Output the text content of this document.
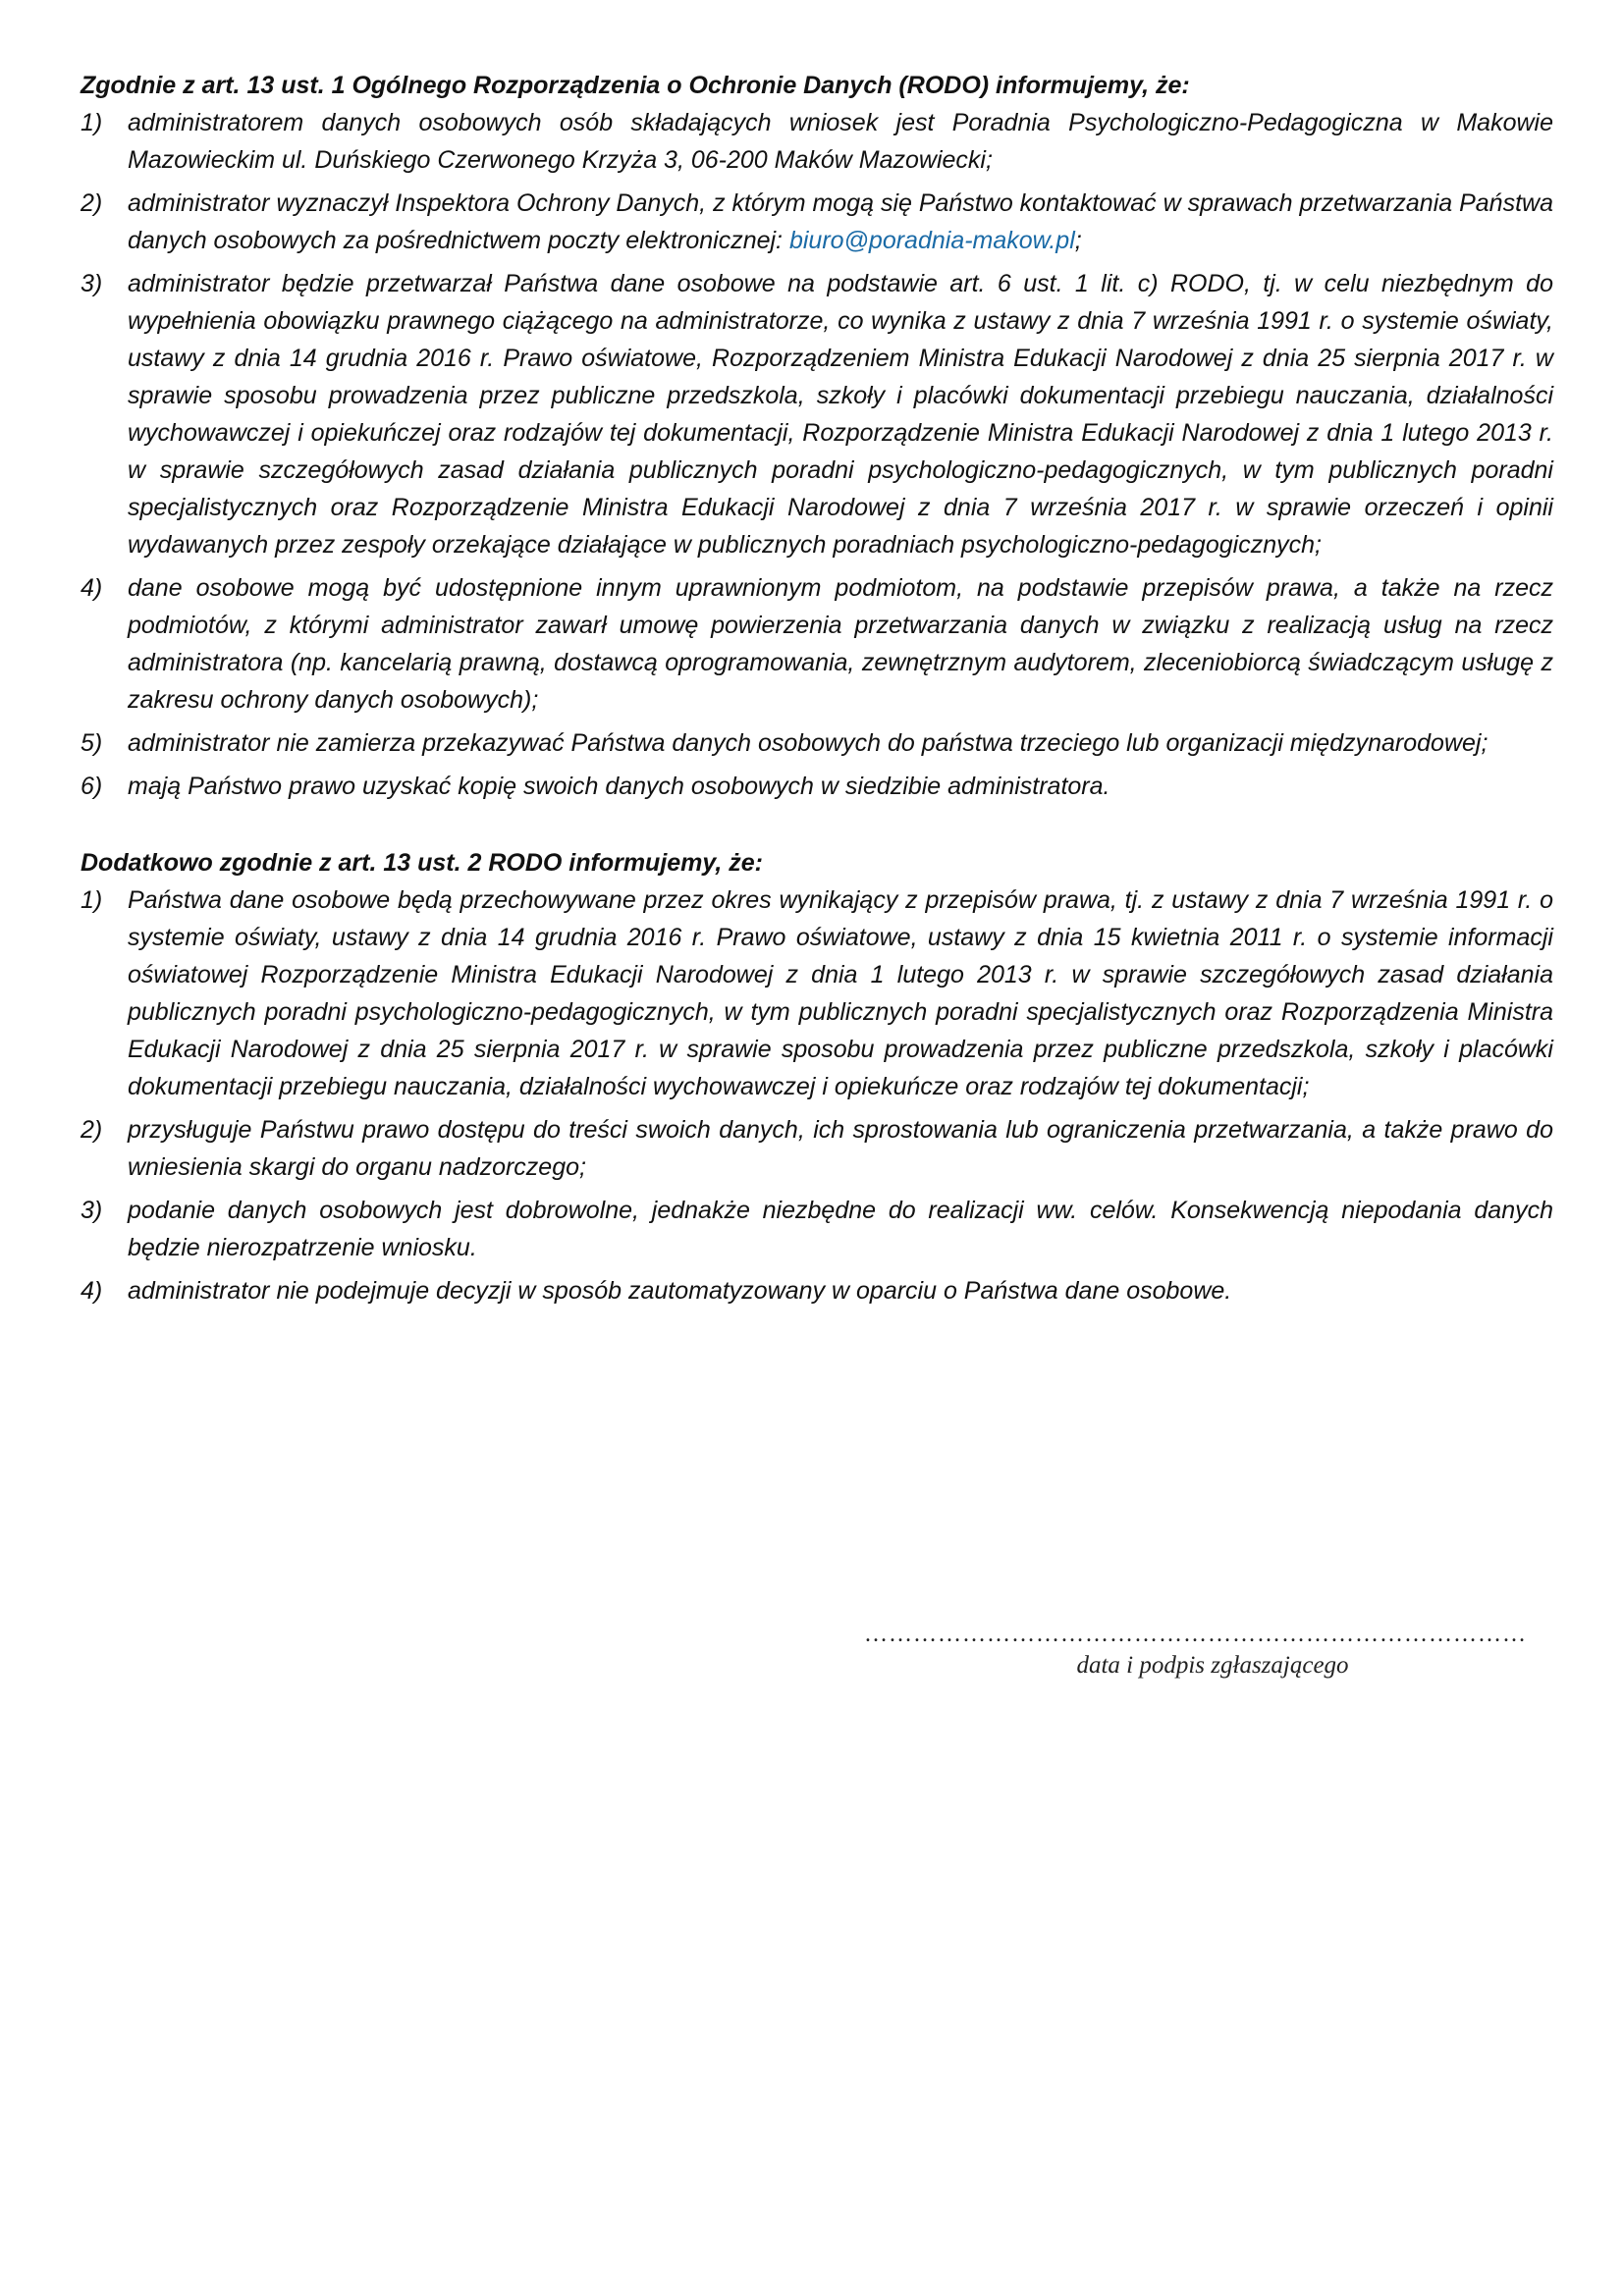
Zgodnie z art. 13 ust. 1 Ogólnego Rozporządzenia o Ochronie Danych (RODO) informujemy, że:

1)	administratorem danych osobowych osób składających wniosek jest Poradnia Psychologiczno-Pedagogiczna w Makowie Mazowieckim ul. Duńskiego Czerwonego Krzyża 3, 06-200 Maków Mazowiecki;
2)	administrator wyznaczył Inspektora Ochrony Danych, z którym mogą się Państwo kontaktować w sprawach przetwarzania Państwa danych osobowych za pośrednictwem poczty elektronicznej: biuro@poradnia-makow.pl;
3)	administrator będzie przetwarzał Państwa dane osobowe na podstawie art. 6 ust. 1 lit. c) RODO, tj. w celu niezbędnym do wypełnienia obowiązku prawnego ciążącego na administratorze, co wynika z ustawy z dnia 7 września 1991 r. o systemie oświaty, ustawy z dnia 14 grudnia 2016 r. Prawo oświatowe, Rozporządzeniem Ministra Edukacji Narodowej z dnia 25 sierpnia 2017 r. w sprawie sposobu prowadzenia przez publiczne przedszkola, szkoły i placówki dokumentacji przebiegu nauczania, działalności wychowawczej i opiekuńczej oraz rodzajów tej dokumentacji, Rozporządzenie Ministra Edukacji Narodowej z dnia 1 lutego 2013 r. w sprawie szczegółowych zasad działania publicznych poradni psychologiczno-pedagogicznych, w tym publicznych poradni specjalistycznych oraz Rozporządzenie Ministra Edukacji Narodowej z dnia 7 września 2017 r. w sprawie orzeczeń i opinii wydawanych przez zespoły orzekające działające w publicznych poradniach psychologiczno-pedagogicznych;
4)	dane osobowe mogą być udostępnione innym uprawnionym podmiotom, na podstawie przepisów prawa, a także na rzecz podmiotów, z którymi administrator zawarł umowę powierzenia przetwarzania danych w związku z realizacją usług na rzecz administratora (np. kancelarią prawną, dostawcą oprogramowania, zewnętrznym audytorem, zleceniobiorcą świadczącym usługę z zakresu ochrony danych osobowych);
5)	administrator nie zamierza przekazywać Państwa danych osobowych do państwa trzeciego lub organizacji międzynarodowej;
6)	mają Państwo prawo uzyskać kopię swoich danych osobowych w siedzibie administratora.

Dodatkowo zgodnie z art. 13 ust. 2 RODO informujemy, że:

1)	Państwa dane osobowe będą przechowywane przez okres wynikający z przepisów prawa, tj. z ustawy z dnia 7 września 1991 r. o systemie oświaty, ustawy z dnia 14 grudnia 2016 r. Prawo oświatowe, ustawy z dnia 15 kwietnia 2011 r. o systemie informacji oświatowej Rozporządzenie Ministra Edukacji Narodowej z dnia 1 lutego 2013 r. w sprawie szczegółowych zasad działania publicznych poradni psychologiczno-pedagogicznych, w tym publicznych poradni specjalistycznych oraz Rozporządzenia Ministra Edukacji Narodowej z dnia 25 sierpnia 2017 r. w sprawie sposobu prowadzenia przez publiczne przedszkola, szkoły i placówki dokumentacji przebiegu nauczania, działalności wychowawczej i opiekuńcze oraz rodzajów tej dokumentacji;
2)	przysługuje Państwu prawo dostępu do treści swoich danych, ich sprostowania lub ograniczenia przetwarzania, a także prawo do wniesienia skargi do organu nadzorczego;
3)	podanie danych osobowych jest dobrowolne, jednakże niezbędne do realizacji ww. celów. Konsekwencją niepodania danych będzie nierozpatrzenie wniosku.
4)	administrator nie podejmuje decyzji w sposób zautomatyzowany w oparciu o Państwa dane osobowe.
………………………………………………………………………
data i podpis zgłaszającego
